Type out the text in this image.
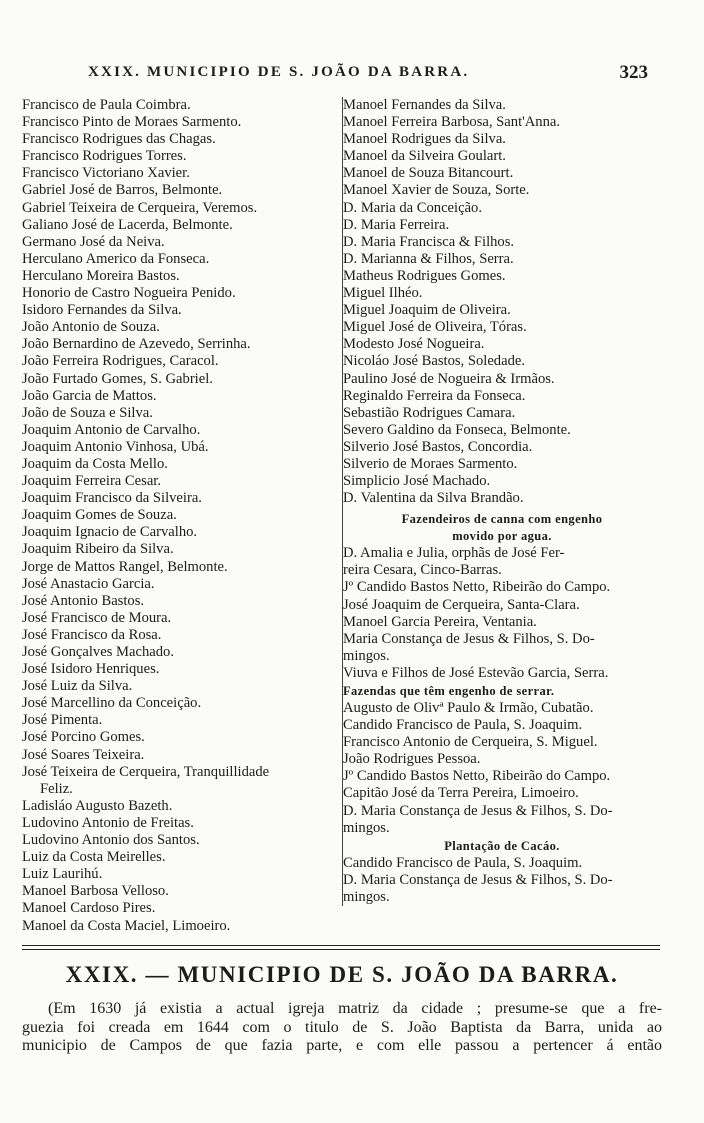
XXIX. MUNICIPIO DE S. JOÃO DA BARRA.	323
Francisco de Paula Coimbra.
Francisco Pinto de Moraes Sarmento.
Francisco Rodrigues das Chagas.
Francisco Rodrigues Torres.
Francisco Victoriano Xavier.
Gabriel José de Barros, Belmonte.
Gabriel Teixeira de Cerqueira, Veremos.
Galiano José de Lacerda, Belmonte.
Germano José da Neiva.
Herculano Americo da Fonseca.
Herculano Moreira Bastos.
Honorio de Castro Nogueira Penido.
Isidoro Fernandes da Silva.
João Antonio de Souza.
João Bernardino de Azevedo, Serrinha.
João Ferreira Rodrigues, Caracol.
João Furtado Gomes, S. Gabriel.
João Garcia de Mattos.
João de Souza e Silva.
Joaquim Antonio de Carvalho.
Joaquim Antonio Vinhosa, Ubá.
Joaquim da Costa Mello.
Joaquim Ferreira Cesar.
Joaquim Francisco da Silveira.
Joaquim Gomes de Souza.
Joaquim Ignacio de Carvalho.
Joaquim Ribeiro da Silva.
Jorge de Mattos Rangel, Belmonte.
José Anastacio Garcia.
José Antonio Bastos.
José Francisco de Moura.
José Francisco da Rosa.
José Gonçalves Machado.
José Isidoro Henriques.
José Luiz da Silva.
José Marcellino da Conceição.
José Pimenta.
José Porcino Gomes.
José Soares Teixeira.
José Teixeira de Cerqueira, Tranquillidade
Feliz.
Ladisláo Augusto Bazeth.
Ludovino Antonio de Freitas.
Ludovino Antonio dos Santos.
Luiz da Costa Meirelles.
Luiz Laurihú.
Manoel Barbosa Velloso.
Manoel Cardoso Pires.
Manoel da Costa Maciel, Limoeiro.
Manoel Fernandes da Silva.
Manoel Ferreira Barbosa, Sant'Anna.
Manoel Rodrigues da Silva.
Manoel da Silveira Goulart.
Manoel de Souza Bitancourt.
Manoel Xavier de Souza, Sorte.
D. Maria da Conceição.
D. Maria Ferreira.
D. Maria Francisca & Filhos.
D. Marianna & Filhos, Serra.
Matheus Rodrigues Gomes.
Miguel Ilhéo.
Miguel Joaquim de Oliveira.
Miguel José de Oliveira, Tóras.
Modesto José Nogueira.
Nicoláo José Bastos, Soledade.
Paulino José de Nogueira & Irmãos.
Reginaldo Ferreira da Fonseca.
Sebastião Rodrigues Camara.
Severo Galdino da Fonseca, Belmonte.
Silverio José Bastos, Concordia.
Silverio de Moraes Sarmento.
Simplicio José Machado.
D. Valentina da Silva Brandão.
Fazendeiros de canna com engenho
movido por agua.
D. Amalia e Julia, orphãs de José Fer-
reira Cesara, Cinco-Barras.
Jº Candido Bastos Netto, Ribeirão do Campo.
José Joaquim de Cerqueira, Santa-Clara.
Manoel Garcia Pereira, Ventania.
Maria Constança de Jesus & Filhos, S. Do-
mingos.
Viuva e Filhos de José Estevão Garcia, Serra.
Fazendas que têm engenho de serrar.
Augusto de Olivª Paulo & Irmão, Cubatão.
Candido Francisco de Paula, S. Joaquim.
Francisco Antonio de Cerqueira, S. Miguel.
João Rodrigues Pessoa.
Jº Candido Bastos Netto, Ribeirão do Campo.
Capitão José da Terra Pereira, Limoeiro.
D. Maria Constança de Jesus & Filhos, S. Do-
mingos.
Plantação de Cacáo.
Candido Francisco de Paula, S. Joaquim.
D. Maria Constança de Jesus & Filhos, S. Do-
mingos.
XXIX. — MUNICIPIO DE S. JOÃO DA BARRA.
(Em 1630 já existia a actual igreja matriz da cidade ; presume-se que a fre-
guezia foi creada em 1644 com o titulo de S. João Baptista da Barra, unida ao
municipio de Campos de que fazia parte, e com elle passou a pertencer á então
